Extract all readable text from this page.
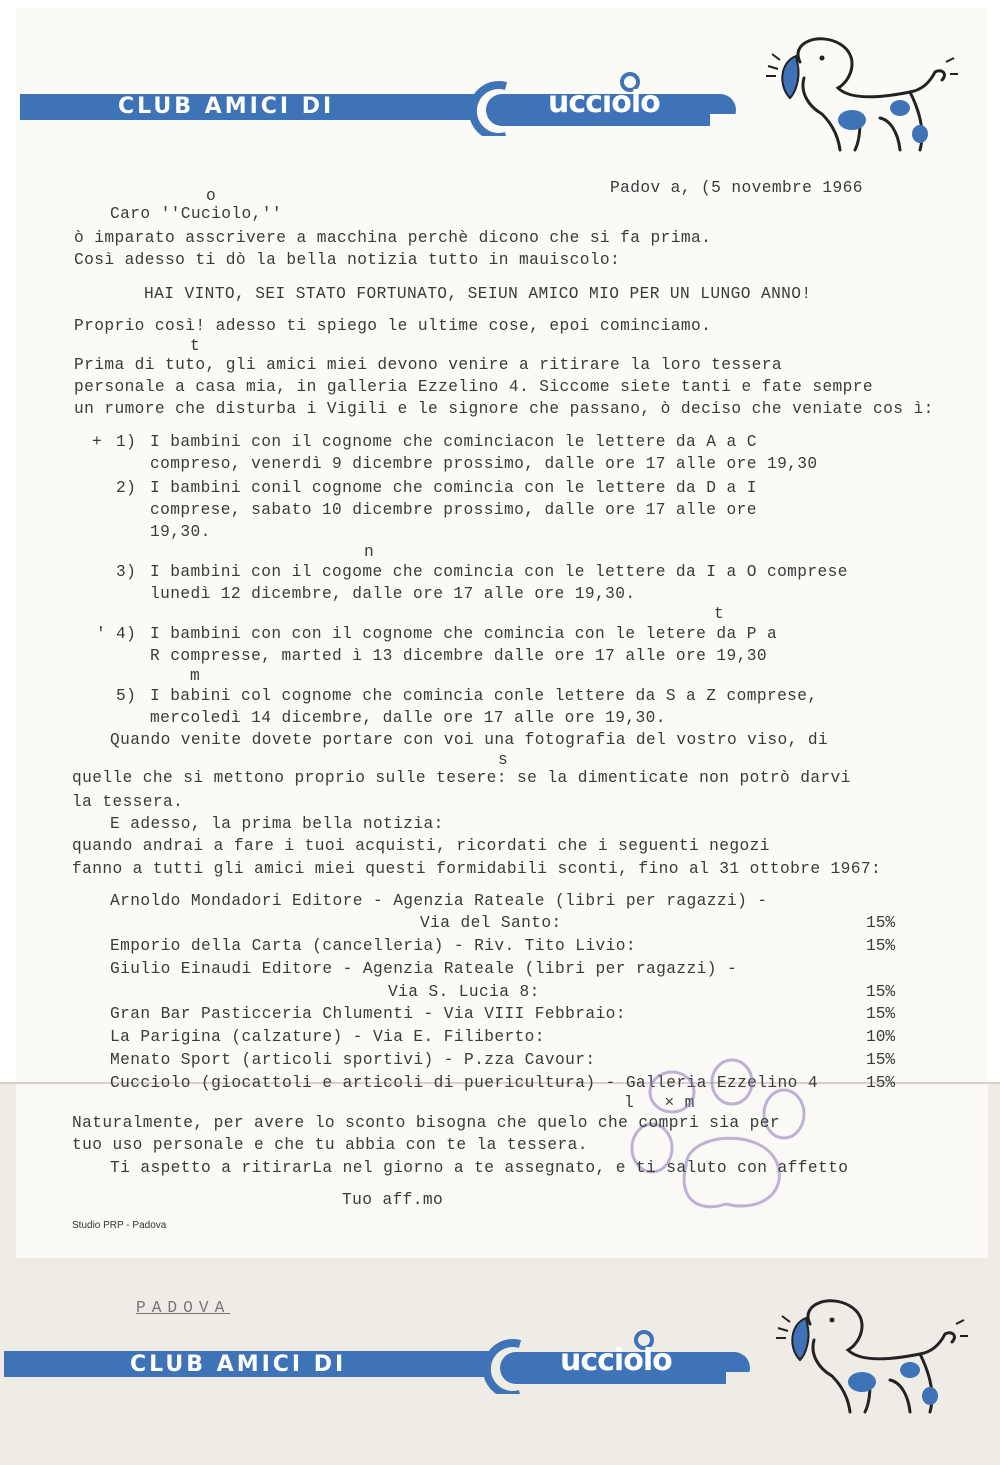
CLUB AMICI DI	ucciolo
Padov a, (5 novembre 1966
o
Caro ''Cuciolo,''
ò imparato asscrivere a macchina perchè dicono che si fa prima.
Così adesso ti dò la bella notizia tutto in mauiscolo:
HAI VINTO, SEI STATO FORTUNATO, SEIUN AMICO MIO PER UN LUNGO ANNO!
Proprio così! adesso ti spiego le ultime cose, epoi cominciamo.
t
Prima di tuto, gli amici miei devono venire a ritirare la loro tessera
personale a casa mia, in galleria Ezzelino 4. Siccome siete tanti e fate sempre
un rumore che disturba i Vigili e le signore che passano, ò deciso che veniate cos ì:
+ 1) I bambini con il cognome che cominciacon le lettere da A a C
compreso, venerdì 9 dicembre prossimo, dalle ore 17 alle ore 19,30
2) I bambini conil cognome che comincia con le lettere da D a I
comprese, sabato 10 dicembre prossimo, dalle ore 17 alle ore
19,30.
n
3) I bambini con il cogome che comincia con le lettere da I a O comprese
lunedì 12 dicembre, dalle ore 17 alle ore 19,30.
t
' 4) I bambini con con il cognome che comincia con le letere da P a
R compresse, marted ì 13 dicembre dalle ore 17 alle ore 19,30
m
5) I babini col cognome che comincia conle lettere da S a Z comprese,
mercoledì 14 dicembre, dalle ore 17 alle ore 19,30.
Quando venite dovete portare con voi una fotografia del vostro viso, di
s
quelle che si mettono proprio sulle tesere: se la dimenticate non potrò darvi
la tessera.
E adesso, la prima bella notizia:
quando andrai a fare i tuoi acquisti, ricordati che i seguenti negozi
fanno a tutti gli amici miei questi formidabili sconti, fino al 31 ottobre 1967:
Arnoldo Mondadori Editore - Agenzia Rateale (libri per ragazzi) -
Via del Santo:	15%
Emporio della Carta (cancelleria) - Riv. Tito Livio:	15%
Giulio Einaudi Editore - Agenzia Rateale (libri per ragazzi) -
Via S. Lucia 8:	15%
Gran Bar Pasticceria Chlumenti - Via VIII Febbraio:	15%
La Parigina (calzature) - Via E. Filiberto:	10%
Menato Sport (articoli sportivi) - P.zza Cavour:	15%
Cucciolo (giocattoli e articoli di puericultura) - Galleria Ezzelino 4	15%
l   × m
Naturalmente, per avere lo sconto bisogna che quelo che compri sia per
tuo uso personale e che tu abbia con te la tessera.
Ti aspetto a ritirarLa nel giorno a te assegnato, e ti saluto con affetto
Tuo aff.mo
Studio PRP - Padova
PADOVA
CLUB AMICI DI	ucciolo
